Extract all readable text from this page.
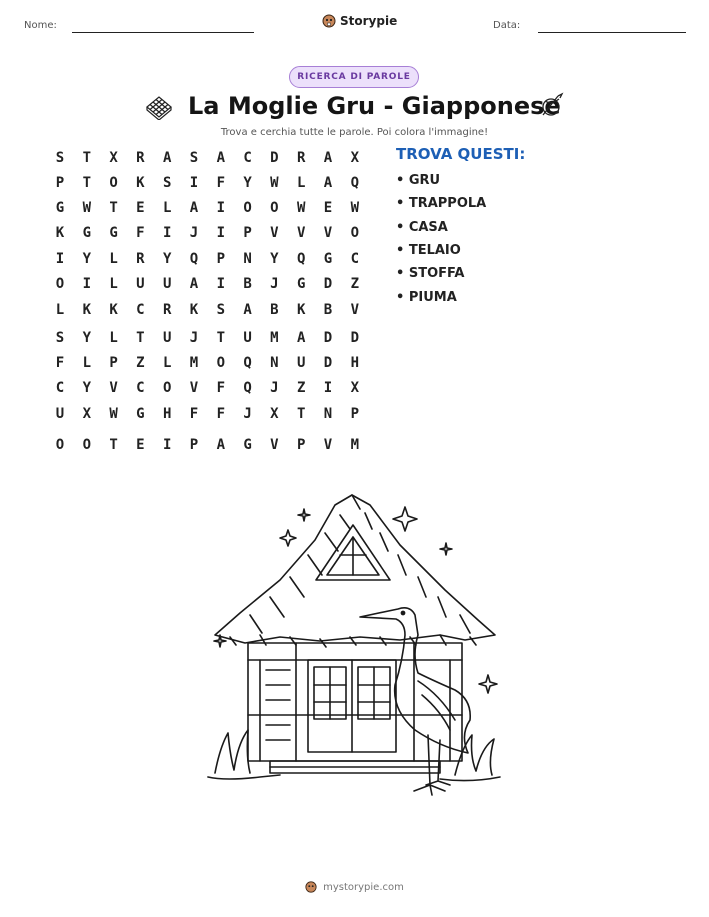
Nome:	Storypie	Data:
RICERCA DI PAROLE
La Moglie Gru - Giapponese
Trova e cerchia tutte le parole. Poi colora l'immagine!
S	T	X	R	A	S	A	C	D	R	A	X
P	T	O	K	S	I	F	Y	W	L	A	Q
G	W	T	E	L	A	I	O	O	W	E	W
K	G	G	F	I	J	I	P	V	V	V	O
I	Y	L	R	Y	Q	P	N	Y	Q	G	C
O	I	L	U	U	A	I	B	J	G	D	Z
L	K	K	C	R	K	S	A	B	K	B	V
S	Y	L	T	U	J	T	U	M	A	D	D
F	L	P	Z	L	M	O	Q	N	U	D	H
C	Y	V	C	O	V	F	Q	J	Z	I	X
U	X	W	G	H	F	F	J	X	T	N	P
O	O	T	E	I	P	A	G	V	P	V	M
TROVA QUESTI:
• GRU
• TRAPPOLA
• CASA
• TELAIO
• STOFFA
• PIUMA
mystorypie.com
